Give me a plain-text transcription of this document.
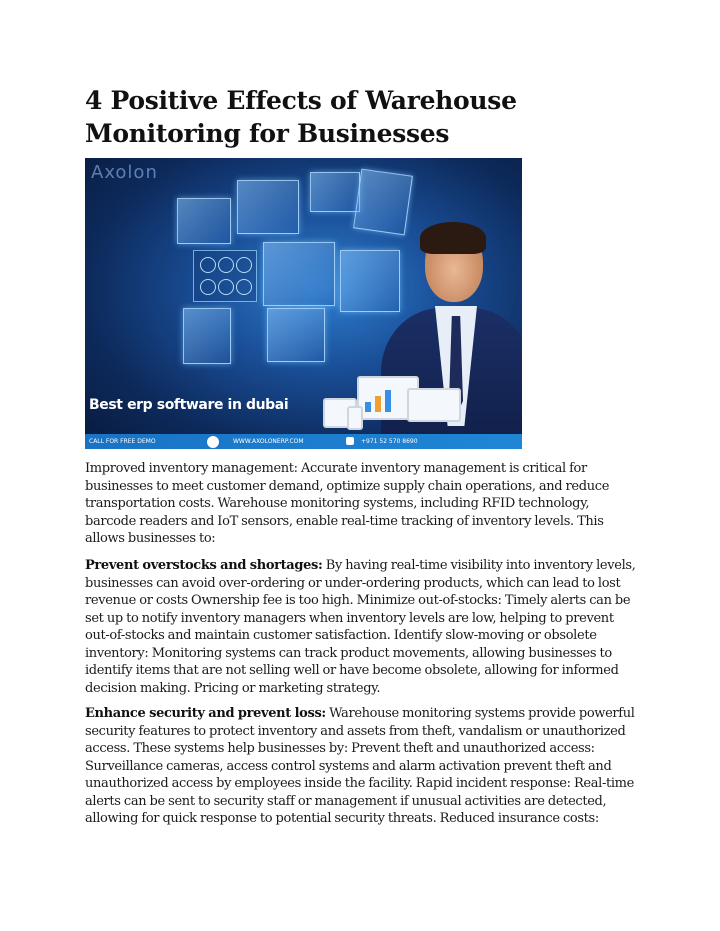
4 Positive Effects of Warehouse Monitoring for Businesses
Axolon
Best erp software in dubai
CALL FOR FREE DEMO	WWW.AXOLONERP.COM	+971 52 570 8690

Improved inventory management: Accurate inventory management is critical for businesses to meet customer demand, optimize supply chain operations, and reduce transportation costs. Warehouse monitoring systems, including RFID technology, barcode readers and IoT sensors, enable real-time tracking of inventory levels. This allows businesses to:

Prevent overstocks and shortages: By having real-time visibility into inventory levels, businesses can avoid over-ordering or under-ordering products, which can lead to lost revenue or costs Ownership fee is too high. Minimize out-of-stocks: Timely alerts can be set up to notify inventory managers when inventory levels are low, helping to prevent out-of-stocks and maintain customer satisfaction. Identify slow-moving or obsolete inventory: Monitoring systems can track product movements, allowing businesses to identify items that are not selling well or have become obsolete, allowing for informed decision making. Pricing or marketing strategy.

Enhance security and prevent loss: Warehouse monitoring systems provide powerful security features to protect inventory and assets from theft, vandalism or unauthorized access. These systems help businesses by: Prevent theft and unauthorized access: Surveillance cameras, access control systems and alarm activation prevent theft and unauthorized access by employees inside the facility. Rapid incident response: Real-time alerts can be sent to security staff or management if unusual activities are detected, allowing for quick response to potential security threats. Reduced insurance costs:
